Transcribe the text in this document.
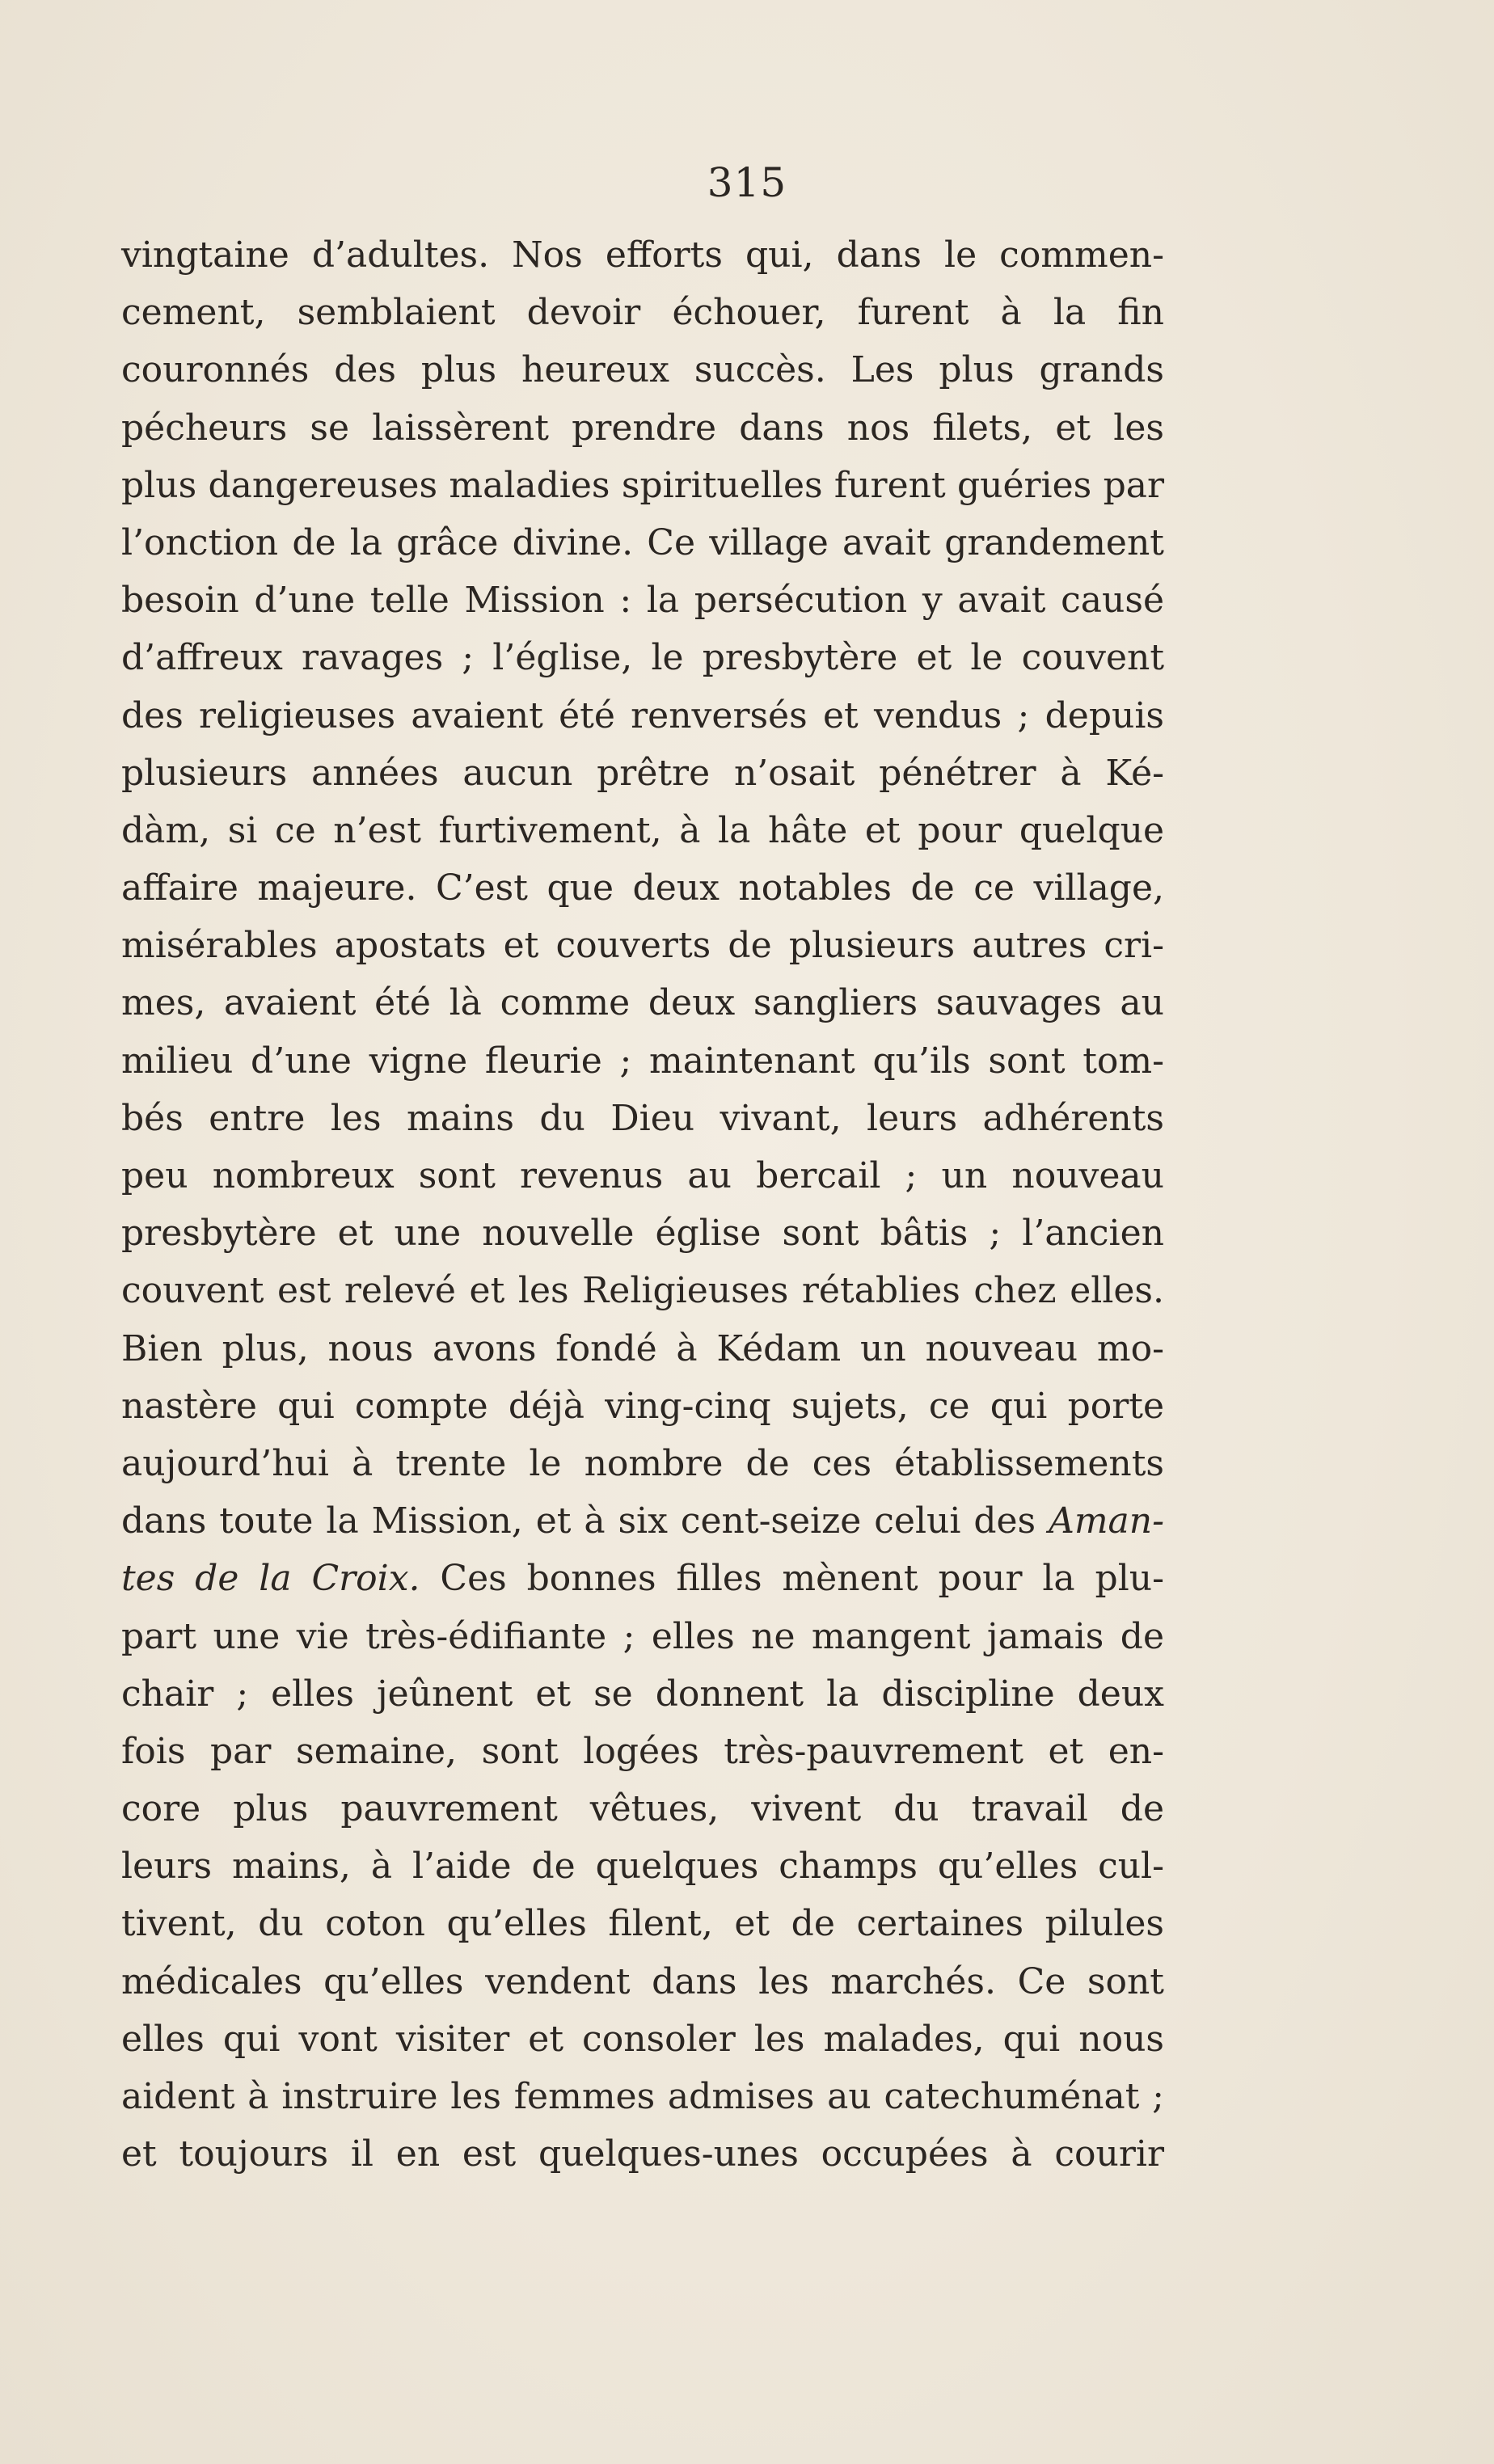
315
vingtaine d’adultes. Nos efforts qui, dans le commen-
cement, semblaient devoir échouer, furent à la fin
couronnés des plus heureux succès. Les plus grands
pécheurs se laissèrent prendre dans nos filets, et les
plus dangereuses maladies spirituelles furent guéries par
l’onction de la grâce divine. Ce village avait grandement
besoin d’une telle Mission : la persécution y avait causé
d’affreux ravages ; l’église, le presbytère et le couvent
des religieuses avaient été renversés et vendus ; depuis
plusieurs années aucun prêtre n’osait pénétrer à Ké-
dàm, si ce n’est furtivement, à la hâte et pour quelque
affaire majeure. C’est que deux notables de ce village,
misérables apostats et couverts de plusieurs autres cri-
mes, avaient été là comme deux sangliers sauvages au
milieu d’une vigne fleurie ; maintenant qu’ils sont tom-
bés entre les mains du Dieu vivant, leurs adhérents
peu nombreux sont revenus au bercail ; un nouveau
presbytère et une nouvelle église sont bâtis ; l’ancien
couvent est relevé et les Religieuses rétablies chez elles.
Bien plus, nous avons fondé à Kédam un nouveau mo-
nastère qui compte déjà ving-cinq sujets, ce qui porte
aujourd’hui à trente le nombre de ces établissements
dans toute la Mission, et à six cent-seize celui des Aman-
tes de la Croix. Ces bonnes filles mènent pour la plu-
part une vie très-édifiante ; elles ne mangent jamais de
chair ; elles jeûnent et se donnent la discipline deux
fois par semaine, sont logées très-pauvrement et en-
core plus pauvrement vêtues, vivent du travail de
leurs mains, à l’aide de quelques champs qu’elles cul-
tivent, du coton qu’elles filent, et de certaines pilules
médicales qu’elles vendent dans les marchés. Ce sont
elles qui vont visiter et consoler les malades, qui nous
aident à instruire les femmes admises au catechuménat ;
et toujours il en est quelques-unes occupées à courir
